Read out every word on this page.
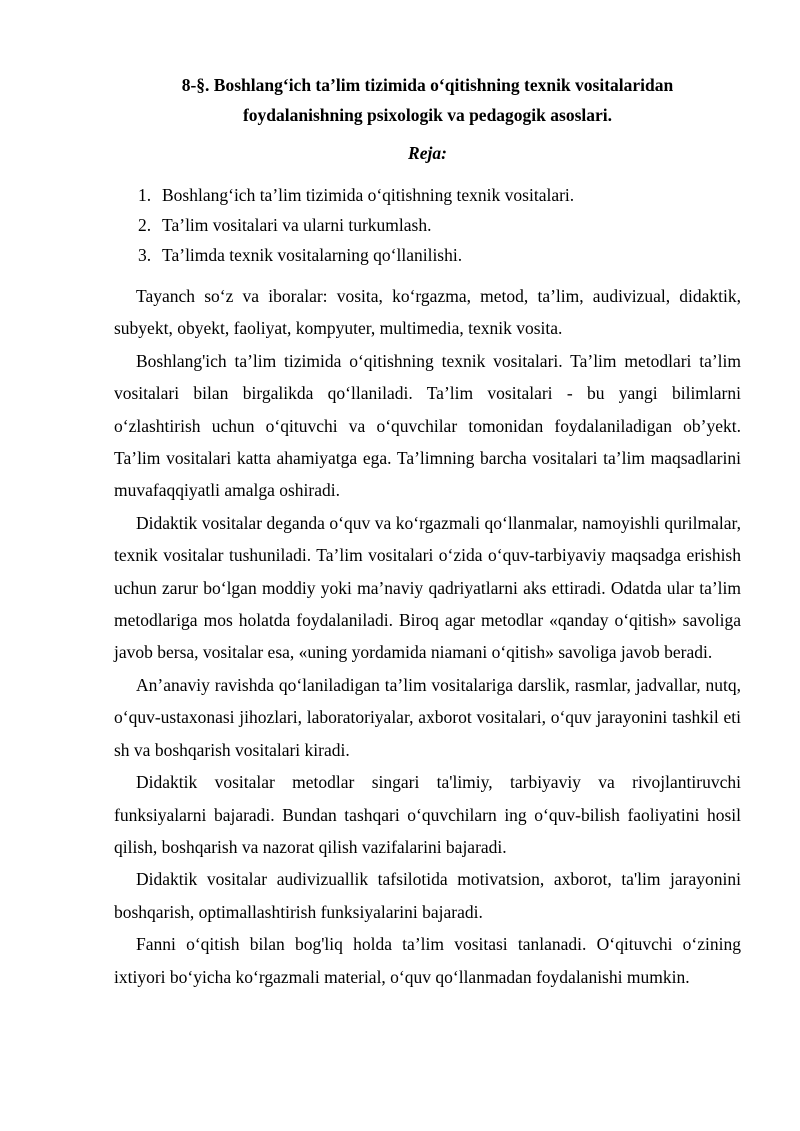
8-§. Boshlang‘ich ta’lim tizimida o‘qitishning texnik vositalaridan
foydalanishning psixologik va pedagogik asoslari.
Reja:
1. Boshlang‘ich ta’lim tizimida o‘qitishning texnik vositalari.
2. Ta’lim vositalari va ularni turkumlash.
3. Ta’limda texnik vositalarning qo‘llanilishi.

Tayanch so‘z va iboralar: vosita, ko‘rgazma, metod, ta’lim, audivizual, didaktik, subyekt, obyekt, faoliyat, kompyuter, multimedia, texnik vosita.

Boshlang'ich ta’lim tizimida o‘qitishning texnik vositalari. Ta’lim metodlari ta’lim vositalari bilan birgalikda qo‘llaniladi. Ta’lim vositalari - bu yangi bilimlarni o‘zlashtirish uchun o‘qituvchi va o‘quvchilar tomonidan foydalaniladigan ob’yekt. Ta’lim vositalari katta ahamiyatga ega. Ta’limning barcha vositalari ta’lim maqsadlarini muvafaqqiyatli amalga oshiradi.

Didaktik vositalar deganda o‘quv va ko‘rgazmali qo‘llanmalar, namoyishli qurilmalar, texnik vositalar tushuniladi. Ta’lim vositalari o‘zida o‘quv-tarbiyaviy maqsadga erishish uchun zarur bo‘lgan moddiy yoki ma’naviy qadriyatlarni aks ettiradi. Odatda ular ta’lim metodlariga mos holatda foydalaniladi. Biroq agar metodlar «qanday o‘qitish» savoliga javob bersa, vositalar esa, «uning yordamida niamani o‘qitish» savoliga javob beradi.

An’anaviy ravishda qo‘laniladigan ta’lim vositalariga darslik, rasmlar, jadvallar, nutq, o‘quv-ustaxonasi jihozlari, laboratoriyalar, axborot vositalari, o‘quv jarayonini tashkil eti sh va boshqarish vositalari kiradi.

Didaktik vositalar metodlar singari ta'limiy, tarbiyaviy va rivojlantiruvchi funksiyalarni bajaradi. Bundan tashqari o‘quvchilarn ing o‘quv-bilish faoliyatini hosil qilish, boshqarish va nazorat qilish vazifalarini bajaradi.

Didaktik vositalar audivizuallik tafsilotida motivatsion, axborot, ta'lim jarayonini boshqarish, optimallashtirish funksiyalarini bajaradi.

Fanni o‘qitish bilan bog'liq holda ta’lim vositasi tanlanadi. O‘qituvchi o‘zining ixtiyori bo‘yicha ko‘rgazmali material, o‘quv qo‘llanmadan foydalanishi mumkin.
